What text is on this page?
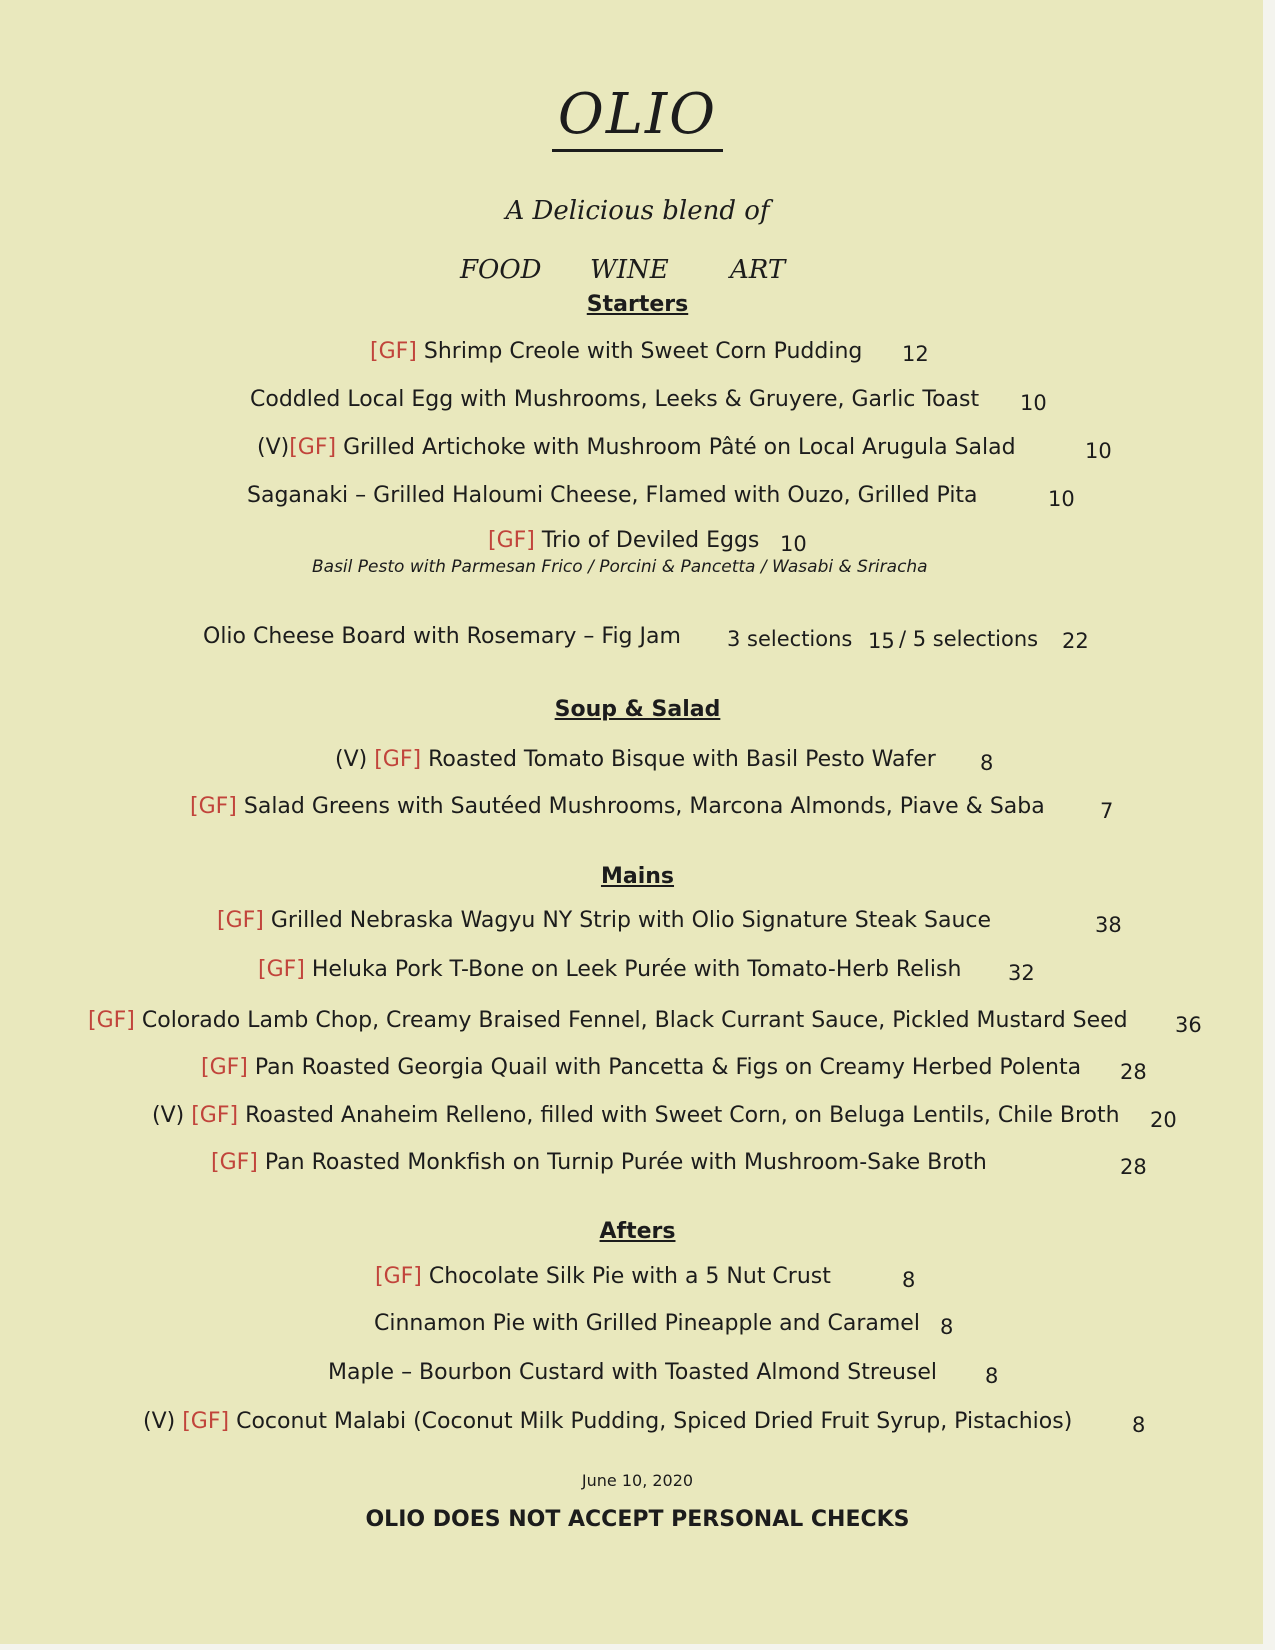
OLIO
A Delicious blend of
FOOD WINE ART
Starters
[GF] Shrimp Creole with Sweet Corn Pudding 12
Coddled Local Egg with Mushrooms, Leeks & Gruyere, Garlic Toast 10
(V)[GF] Grilled Artichoke with Mushroom Pâté on Local Arugula Salad	10
Saganaki – Grilled Haloumi Cheese, Flamed with Ouzo, Grilled Pita	10
[GF] Trio of Deviled Eggs 10
Basil Pesto with Parmesan Frico / Porcini & Pancetta / Wasabi & Sriracha
Olio Cheese Board with Rosemary – Fig Jam 3 selections 15 / 5 selections 22
Soup & Salad
(V) [GF] Roasted Tomato Bisque with Basil Pesto Wafer 8
[GF] Salad Greens with Sautéed Mushrooms, Marcona Almonds, Piave & Saba	7
Mains
[GF] Grilled Nebraska Wagyu NY Strip with Olio Signature Steak Sauce	38
[GF] Heluka Pork T-Bone on Leek Purée with Tomato-Herb Relish 32
[GF] Colorado Lamb Chop, Creamy Braised Fennel, Black Currant Sauce, Pickled Mustard Seed 36
[GF] Pan Roasted Georgia Quail with Pancetta & Figs on Creamy Herbed Polenta 28
(V) [GF] Roasted Anaheim Relleno, filled with Sweet Corn, on Beluga Lentils, Chile Broth 20
[GF] Pan Roasted Monkfish on Turnip Purée with Mushroom-Sake Broth	28
Afters
[GF] Chocolate Silk Pie with a 5 Nut Crust	8
Cinnamon Pie with Grilled Pineapple and Caramel 8
Maple – Bourbon Custard with Toasted Almond Streusel 8
(V) [GF] Coconut Malabi (Coconut Milk Pudding, Spiced Dried Fruit Syrup, Pistachios)	8
June 10, 2020
OLIO DOES NOT ACCEPT PERSONAL CHECKS
